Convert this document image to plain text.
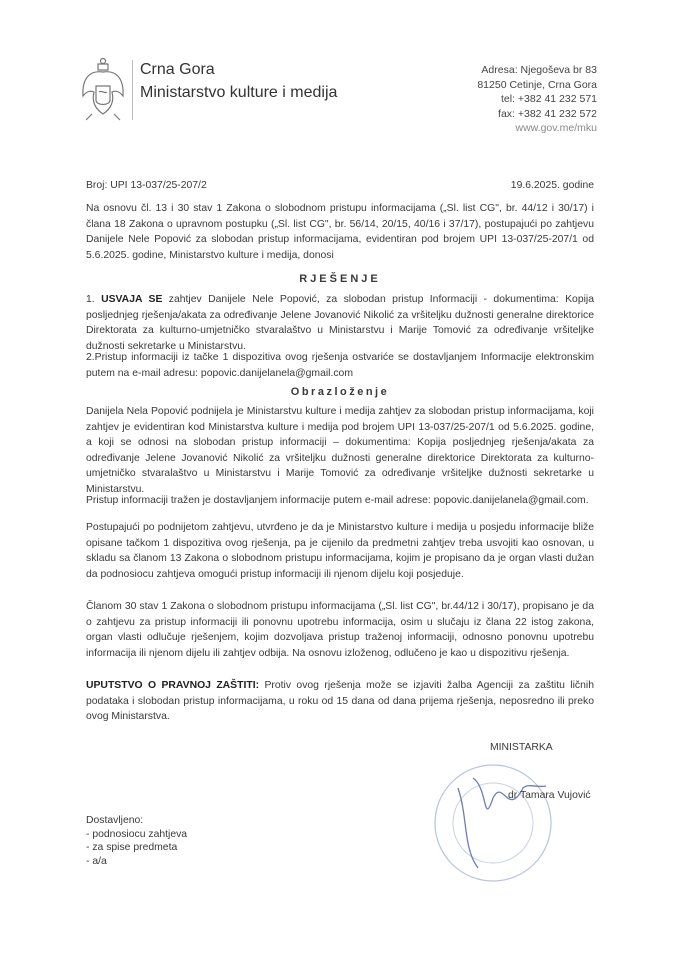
Crna Gora
Ministarstvo kulture i medija
Adresa: Njegoševa br 83
81250 Cetinje, Crna Gora
tel: +382 41 232 571
fax: +382 41 232 572
www.gov.me/mku
Broj: UPI 13-037/25-207/2	19.6.2025. godine

Na osnovu čl. 13 i 30 stav 1 Zakona o slobodnom pristupu informacijama („Sl. list CG", br. 44/12 i 30/17) i člana 18 Zakona o upravnom postupku („Sl. list CG", br. 56/14, 20/15, 40/16 i 37/17), postupajući po zahtjevu Danijele Nele Popović za slobodan pristup informacijama, evidentiran pod brojem UPI 13-037/25-207/1 od 5.6.2025. godine, Ministarstvo kulture i medija, donosi

RJEŠENJE

1. USVAJA SE zahtjev Danijele Nele Popović, za slobodan pristup Informaciji - dokumentima: Kopija posljednjeg rješenja/akata za određivanje Jelene Jovanović Nikolić za vršiteljku dužnosti generalne direktorice Direktorata za kulturno-umjetničko stvaralaštvo u Ministarstvu i Marije Tomović za određivanje vršiteljke dužnosti sekretarke u Ministarstvu.

2.Pristup informaciji iz tačke 1 dispozitiva ovog rješenja ostvariće se dostavljanjem Informacije elektronskim putem na e-mail adresu: popovic.danijelanela@gmail.com

Obrazloženje

Danijela Nela Popović podnijela je Ministarstvu kulture i medija zahtjev za slobodan pristup informacijama, koji zahtjev je evidentiran kod Ministarstva kulture i medija pod brojem UPI 13-037/25-207/1 od 5.6.2025. godine, a koji se odnosi na slobodan pristup informaciji – dokumentima: Kopija posljednjeg rješenja/akata za određivanje Jelene Jovanović Nikolić za vršiteljku dužnosti generalne direktorice Direktorata za kulturno-umjetničko stvaralaštvo u Ministarstvu i Marije Tomović za određivanje vršiteljke dužnosti sekretarke u Ministarstvu.

Pristup informaciji tražen je dostavljanjem informacije putem e-mail adrese: popovic.danijelanela@gmail.com.

Postupajući po podnijetom zahtjevu, utvrđeno je da je Ministarstvo kulture i medija u posjedu informacije bliže opisane tačkom 1 dispozitiva ovog rješenja, pa je cijenilo da predmetni zahtjev treba usvojiti kao osnovan, u skladu sa članom 13 Zakona o slobodnom pristupu informacijama, kojim je propisano da je organ vlasti dužan da podnosiocu zahtjeva omogući pristup informaciji ili njenom dijelu koji posjeduje.

Članom 30 stav 1 Zakona o slobodnom pristupu informacijama („Sl. list CG", br.44/12 i 30/17), propisano je da o zahtjevu za pristup informaciji ili ponovnu upotrebu informacija, osim u slučaju iz člana 22 istog zakona, organ vlasti odlučuje rješenjem, kojim dozvoljava pristup traženoj informaciji, odnosno ponovnu upotrebu informacija ili njenom dijelu ili zahtjev odbija. Na osnovu izloženog, odlučeno je kao u dispozitivu rješenja.

UPUTSTVO O PRAVNOJ ZAŠTITI: Protiv ovog rješenja može se izjaviti žalba Agenciji za zaštitu ličnih podataka i slobodan pristup informacijama, u roku od 15 dana od dana prijema rješenja, neposredno ili preko ovog Ministarstva.

MINISTARKA
dr Tamara Vujović
Dostavljeno:
- podnosiocu zahtjeva
- za spise predmeta
- a/a
